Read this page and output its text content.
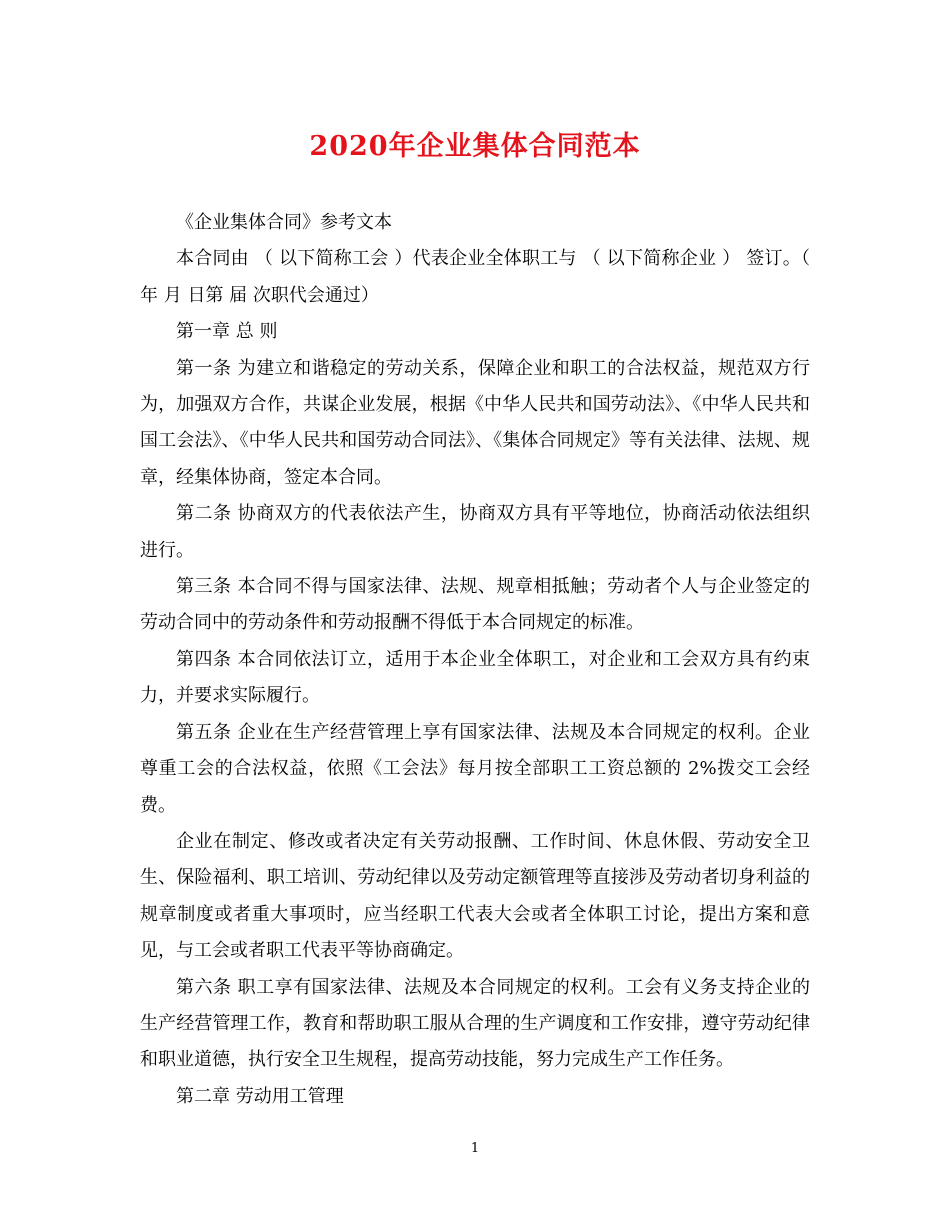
2020年企业集体合同范本

《企业集体合同》参考文本

本合同由 （ 以下简称工会 ）代表企业全体职工与 （ 以下简称企业 ） 签订。（ 年 月 日第 届 次职代会通过）

第一章 总 则

第一条 为建立和谐稳定的劳动关系，保障企业和职工的合法权益，规范双方行为，加强双方合作，共谋企业发展，根据《中华人民共和国劳动法》、《中华人民共和国工会法》、《中华人民共和国劳动合同法》、《集体合同规定》等有关法律、法规、规章，经集体协商，签定本合同。

第二条 协商双方的代表依法产生，协商双方具有平等地位，协商活动依法组织进行。

第三条 本合同不得与国家法律、法规、规章相抵触；劳动者个人与企业签定的劳动合同中的劳动条件和劳动报酬不得低于本合同规定的标准。

第四条 本合同依法订立，适用于本企业全体职工，对企业和工会双方具有约束力，并要求实际履行。

第五条 企业在生产经营管理上享有国家法律、法规及本合同规定的权利。企业尊重工会的合法权益，依照《工会法》每月按全部职工工资总额的 2%拨交工会经费。

企业在制定、修改或者决定有关劳动报酬、工作时间、休息休假、劳动安全卫生、保险福利、职工培训、劳动纪律以及劳动定额管理等直接涉及劳动者切身利益的规章制度或者重大事项时，应当经职工代表大会或者全体职工讨论，提出方案和意见，与工会或者职工代表平等协商确定。

第六条 职工享有国家法律、法规及本合同规定的权利。工会有义务支持企业的生产经营管理工作，教育和帮助职工服从合理的生产调度和工作安排，遵守劳动纪律和职业道德，执行安全卫生规程，提高劳动技能，努力完成生产工作任务。

第二章 劳动用工管理

1
